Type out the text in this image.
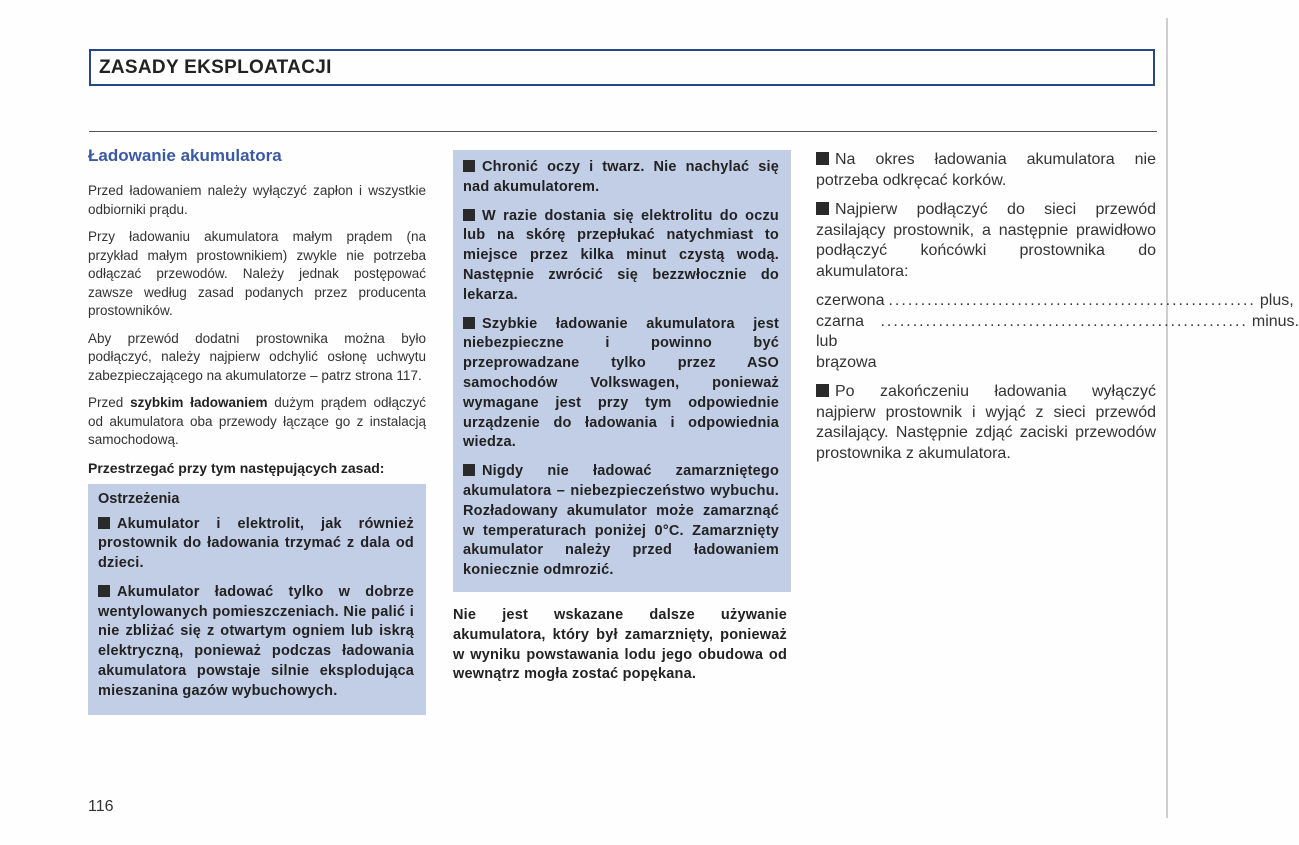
ZASADY EKSPLOATACJI
Ładowanie akumulatora

Przed ładowaniem należy wyłączyć zapłon i wszystkie odbiorniki prądu.

Przy ładowaniu akumulatora małym prądem (na przykład małym prostownikiem) zwykle nie potrzeba odłączać przewodów. Należy jednak postępować zawsze według zasad podanych przez producenta prostowników.

Aby przewód dodatni prostownika można było podłączyć, należy najpierw odchylić osłonę uchwytu zabezpieczającego na akumulatorze – patrz strona 117.

Przed szybkim ładowaniem dużym prądem odłączyć od akumulatora oba przewody łączące go z instalacją samochodową.

Przestrzegać przy tym następujących zasad:

Ostrzeżenia
Akumulator i elektrolit, jak również prostownik do ładowania trzymać z dala od dzieci.
Akumulator ładować tylko w dobrze wentylowanych pomieszczeniach. Nie palić i nie zbliżać się z otwartym ogniem lub iskrą elektryczną, ponieważ podczas ładowania akumulatora powstaje silnie eksplodująca mieszanina gazów wybuchowych.
Chronić oczy i twarz. Nie nachylać się nad akumulatorem.
W razie dostania się elektrolitu do oczu lub na skórę przepłukać natychmiast to miejsce przez kilka minut czystą wodą. Następnie zwrócić się bezzwłocznie do lekarza.
Szybkie ładowanie akumulatora jest niebezpieczne i powinno być przeprowadzane tylko przez ASO samochodów Volkswagen, ponieważ wymagane jest przy tym odpowiednie urządzenie do ładowania i odpowiednia wiedza.
Nigdy nie ładować zamarzniętego akumulatora – niebezpieczeństwo wybuchu. Rozładowany akumulator może zamarznąć w temperaturach poniżej 0°C. Zamarznięty akumulator należy przed ładowaniem koniecznie odmrozić.
Nie jest wskazane dalsze używanie akumulatora, który był zamarznięty, ponieważ w wyniku powstawania lodu jego obudowa od wewnątrz mogła zostać popękana.

Na okres ładowania akumulatora nie potrzeba odkręcać korków.

Najpierw podłączyć do sieci przewód zasilający prostownik, a następnie prawidłowo podłączyć końcówki prostownika do akumulatora:

czerwona ......................................................... plus,
czarna lub brązowa
......................................................... minus.

Po zakończeniu ładowania wyłączyć najpierw prostownik i wyjąć z sieci przewód zasilający. Następnie zdjąć zaciski przewodów prostownika z akumulatora.

116
